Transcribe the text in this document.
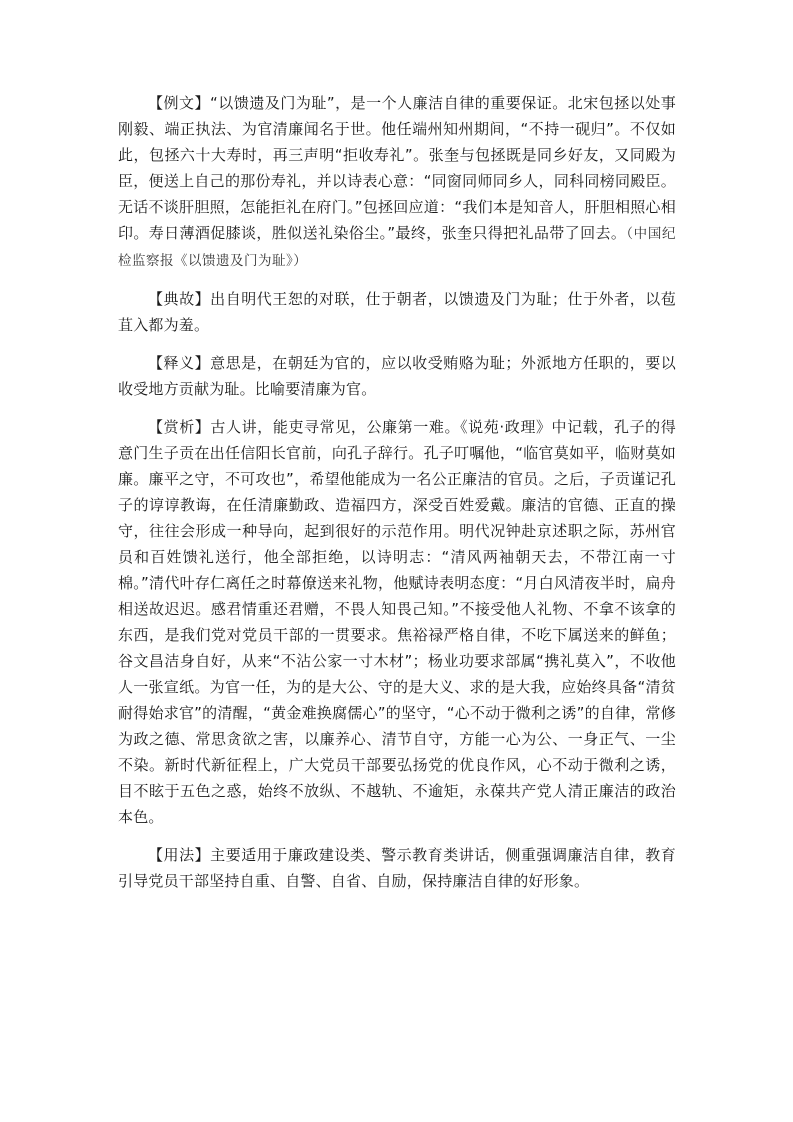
【例文】“以馈遗及门为耻”，是一个人廉洁自律的重要保证。北宋包拯以处事刚毅、端正执法、为官清廉闻名于世。他任端州知州期间，“不持一砚归”。不仅如此，包拯六十大寿时，再三声明“拒收寿礼”。张奎与包拯既是同乡好友，又同殿为臣，便送上自己的那份寿礼，并以诗表心意：“同窗同师同乡人，同科同榜同殿臣。无话不谈肝胆照，怎能拒礼在府门。”包拯回应道：“我们本是知音人，肝胆相照心相印。寿日薄酒促膝谈，胜似送礼染俗尘。”最终，张奎只得把礼品带了回去。（中国纪检监察报《以馈遗及门为耻》）

【典故】出自明代王恕的对联，仕于朝者，以馈遗及门为耻；仕于外者，以苞苴入都为羞。

【释义】意思是，在朝廷为官的，应以收受贿赂为耻；外派地方任职的，要以收受地方贡献为耻。比喻要清廉为官。

【赏析】古人讲，能吏寻常见，公廉第一难。《说苑·政理》中记载，孔子的得意门生子贡在出任信阳长官前，向孔子辞行。孔子叮嘱他，“临官莫如平，临财莫如廉。廉平之守，不可攻也”，希望他能成为一名公正廉洁的官员。之后，子贡谨记孔子的谆谆教诲，在任清廉勤政、造福四方，深受百姓爱戴。廉洁的官德、正直的操守，往往会形成一种导向，起到很好的示范作用。明代况钟赴京述职之际，苏州官员和百姓馈礼送行，他全部拒绝，以诗明志：“清风两袖朝天去，不带江南一寸棉。”清代叶存仁离任之时幕僚送来礼物，他赋诗表明态度：“月白风清夜半时，扁舟相送故迟迟。感君情重还君赠，不畏人知畏己知。”不接受他人礼物、不拿不该拿的东西，是我们党对党员干部的一贯要求。焦裕禄严格自律，不吃下属送来的鲜鱼；谷文昌洁身自好，从来“不沾公家一寸木材”；杨业功要求部属“携礼莫入”，不收他人一张宣纸。为官一任，为的是大公、守的是大义、求的是大我，应始终具备“清贫耐得始求官”的清醒，“黄金难换腐儒心”的坚守，“心不动于微利之诱”的自律，常修为政之德、常思贪欲之害，以廉养心、清节自守，方能一心为公、一身正气、一尘不染。新时代新征程上，广大党员干部要弘扬党的优良作风，心不动于微利之诱，目不眩于五色之惑，始终不放纵、不越轨、不逾矩，永葆共产党人清正廉洁的政治本色。

【用法】主要适用于廉政建设类、警示教育类讲话，侧重强调廉洁自律，教育引导党员干部坚持自重、自警、自省、自励，保持廉洁自律的好形象。
